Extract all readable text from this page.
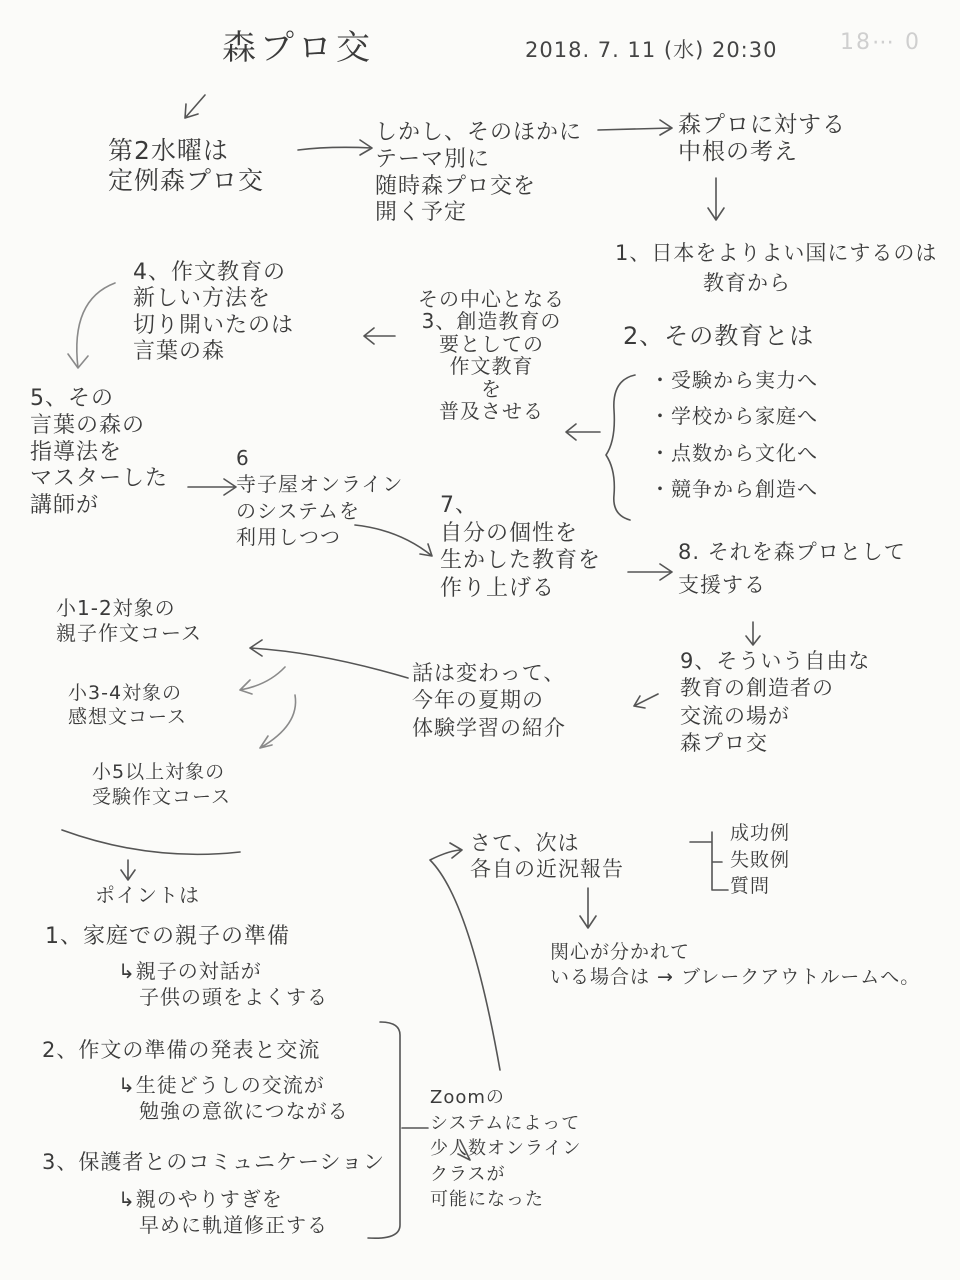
森プロ交	2018. 7. 11 (水) 20:30	18⋯ 0
第2水曜は
定例森プロ交
しかし、そのほかに
テーマ別に
随時森プロ交を
開く予定
森プロに対する
中根の考え
1、日本をよりよい国にするのは
　　　　教育から
2、その教育とは
・受験から実力へ
・学校から家庭へ
・点数から文化へ
・競争から創造へ
その中心となる
3、創造教育の
要としての
作文教育
を
普及させる
4、作文教育の
新しい方法を
切り開いたのは
言葉の森
5、その
言葉の森の
指導法を
マスターした
講師が
6
寺子屋オンライン
のシステムを
利用しつつ
7、
自分の個性を
生かした教育を
作り上げる
8. それを森プロとして
支援する
9、そういう自由な
教育の創造者の
交流の場が
森プロ交
話は変わって、
今年の夏期の
体験学習の紹介
小1-2対象の
親子作文コース
小3-4対象の
感想文コース
小5以上対象の
受験作文コース
ポイントは
1、家庭での親子の準備
↳親子の対話が
　子供の頭をよくする
2、作文の準備の発表と交流
↳生徒どうしの交流が
　勉強の意欲につながる
3、保護者とのコミュニケーション
↳親のやりすぎを
　早めに軌道修正する
Zoomの
システムによって
少人数オンライン
クラスが
可能になった
さて、次は
各自の近況報告
成功例
失敗例
質問
関心が分かれて
いる場合は → ブレークアウトルームへ。
